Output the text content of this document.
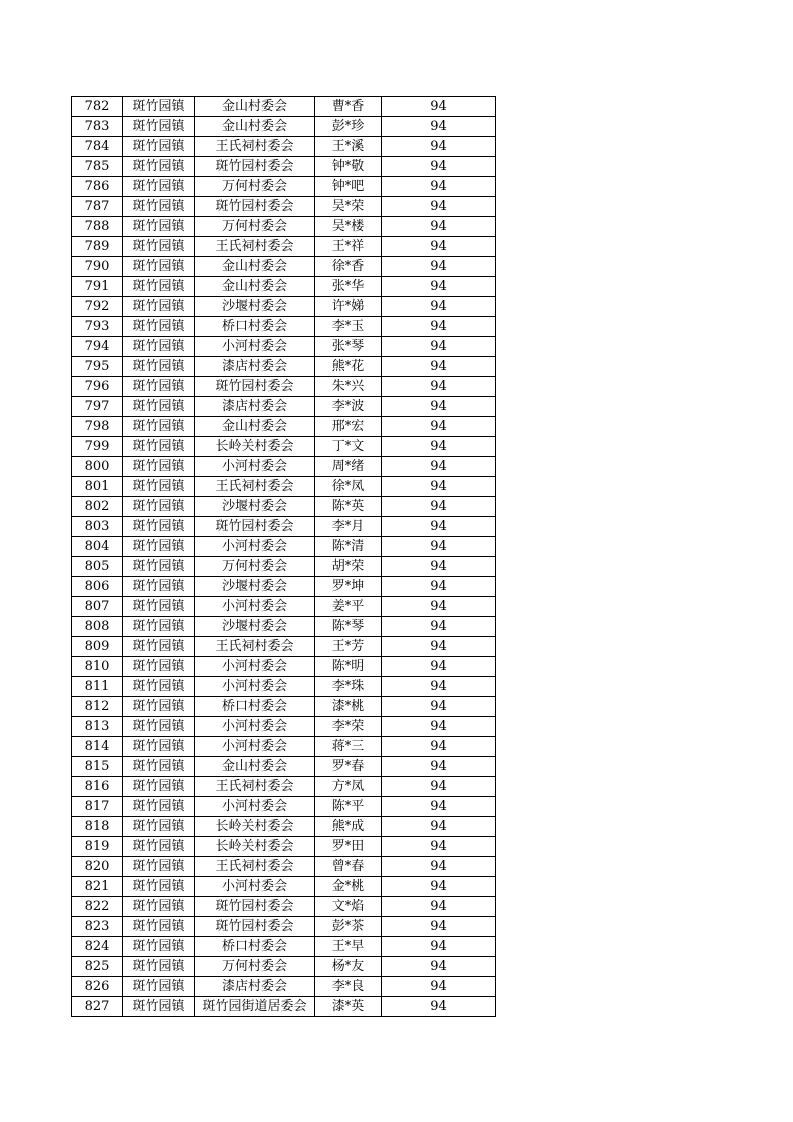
782	斑竹园镇	金山村委会	曹*香	94
783	斑竹园镇	金山村委会	彭*珍	94
784	斑竹园镇	王氏祠村委会	王*溪	94
785	斑竹园镇	斑竹园村委会	钟*敬	94
786	斑竹园镇	万何村委会	钟*吧	94
787	斑竹园镇	斑竹园村委会	吴*荣	94
788	斑竹园镇	万何村委会	吴*楼	94
789	斑竹园镇	王氏祠村委会	王*祥	94
790	斑竹园镇	金山村委会	徐*香	94
791	斑竹园镇	金山村委会	张*华	94
792	斑竹园镇	沙堰村委会	许*娣	94
793	斑竹园镇	桥口村委会	李*玉	94
794	斑竹园镇	小河村委会	张*琴	94
795	斑竹园镇	漆店村委会	熊*花	94
796	斑竹园镇	斑竹园村委会	朱*兴	94
797	斑竹园镇	漆店村委会	李*波	94
798	斑竹园镇	金山村委会	邢*宏	94
799	斑竹园镇	长岭关村委会	丁*文	94
800	斑竹园镇	小河村委会	周*绪	94
801	斑竹园镇	王氏祠村委会	徐*凤	94
802	斑竹园镇	沙堰村委会	陈*英	94
803	斑竹园镇	斑竹园村委会	李*月	94
804	斑竹园镇	小河村委会	陈*清	94
805	斑竹园镇	万何村委会	胡*荣	94
806	斑竹园镇	沙堰村委会	罗*坤	94
807	斑竹园镇	小河村委会	姜*平	94
808	斑竹园镇	沙堰村委会	陈*琴	94
809	斑竹园镇	王氏祠村委会	王*芳	94
810	斑竹园镇	小河村委会	陈*明	94
811	斑竹园镇	小河村委会	李*珠	94
812	斑竹园镇	桥口村委会	漆*桃	94
813	斑竹园镇	小河村委会	李*荣	94
814	斑竹园镇	小河村委会	蒋*三	94
815	斑竹园镇	金山村委会	罗*春	94
816	斑竹园镇	王氏祠村委会	方*凤	94
817	斑竹园镇	小河村委会	陈*平	94
818	斑竹园镇	长岭关村委会	熊*成	94
819	斑竹园镇	长岭关村委会	罗*田	94
820	斑竹园镇	王氏祠村委会	曾*春	94
821	斑竹园镇	小河村委会	金*桃	94
822	斑竹园镇	斑竹园村委会	文*焰	94
823	斑竹园镇	斑竹园村委会	彭*茶	94
824	斑竹园镇	桥口村委会	王*早	94
825	斑竹园镇	万何村委会	杨*友	94
826	斑竹园镇	漆店村委会	李*良	94
827	斑竹园镇	斑竹园街道居委会	漆*英	94
